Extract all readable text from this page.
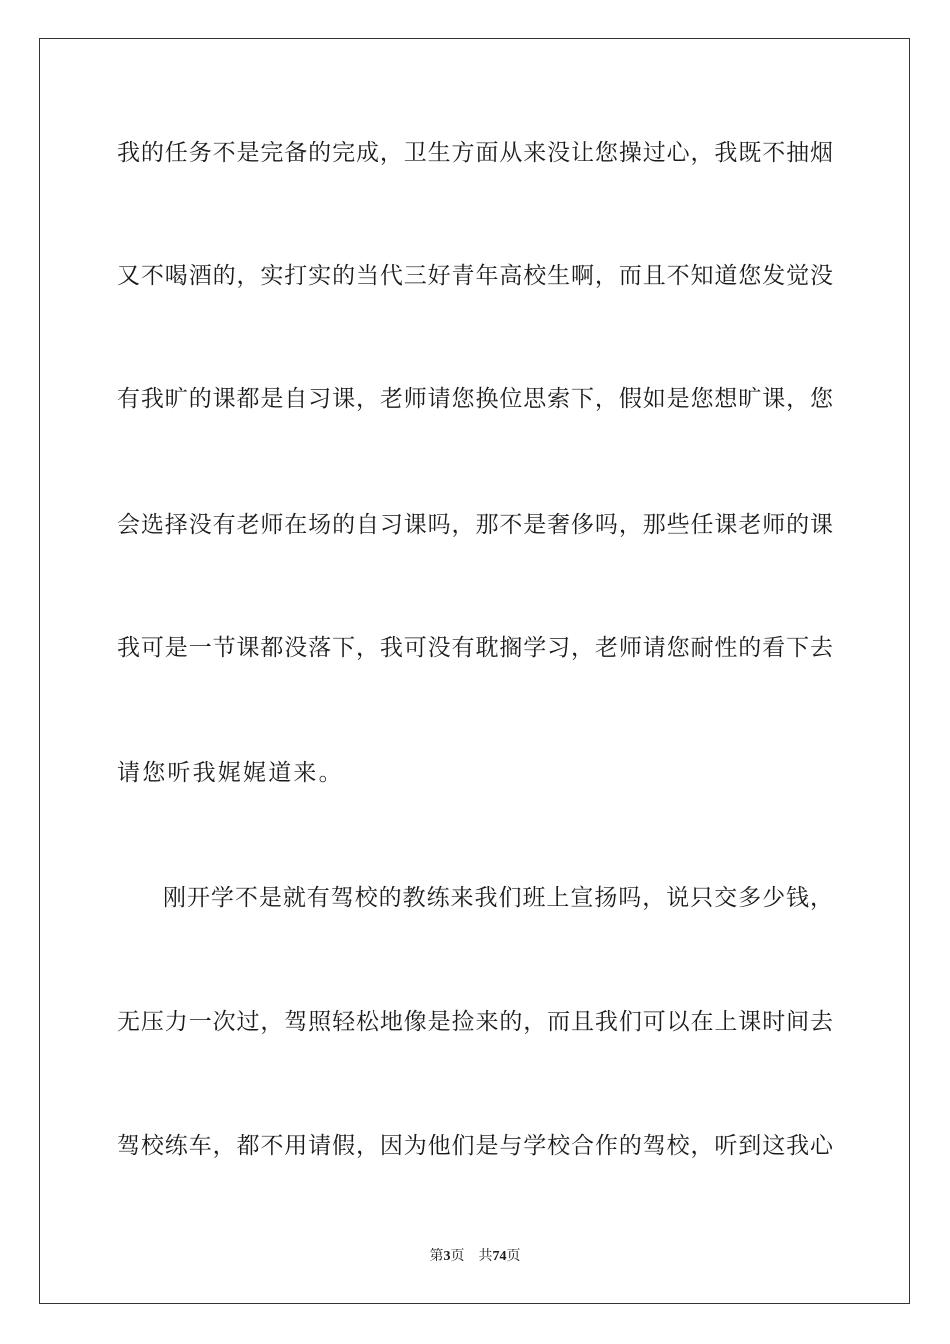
我的任务不是完备的完成，卫生方面从来没让您操过心，我既不抽烟
又不喝酒的，实打实的当代三好青年高校生啊，而且不知道您发觉没
有我旷的课都是自习课，老师请您换位思索下，假如是您想旷课，您
会选择没有老师在场的自习课吗，那不是奢侈吗，那些任课老师的课
我可是一节课都没落下，我可没有耽搁学习，老师请您耐性的看下去
请您听我娓娓道来。
刚开学不是就有驾校的教练来我们班上宣扬吗，说只交多少钱，
无压力一次过，驾照轻松地像是捡来的，而且我们可以在上课时间去
驾校练车，都不用请假，因为他们是与学校合作的驾校，听到这我心
第3页 共74页
